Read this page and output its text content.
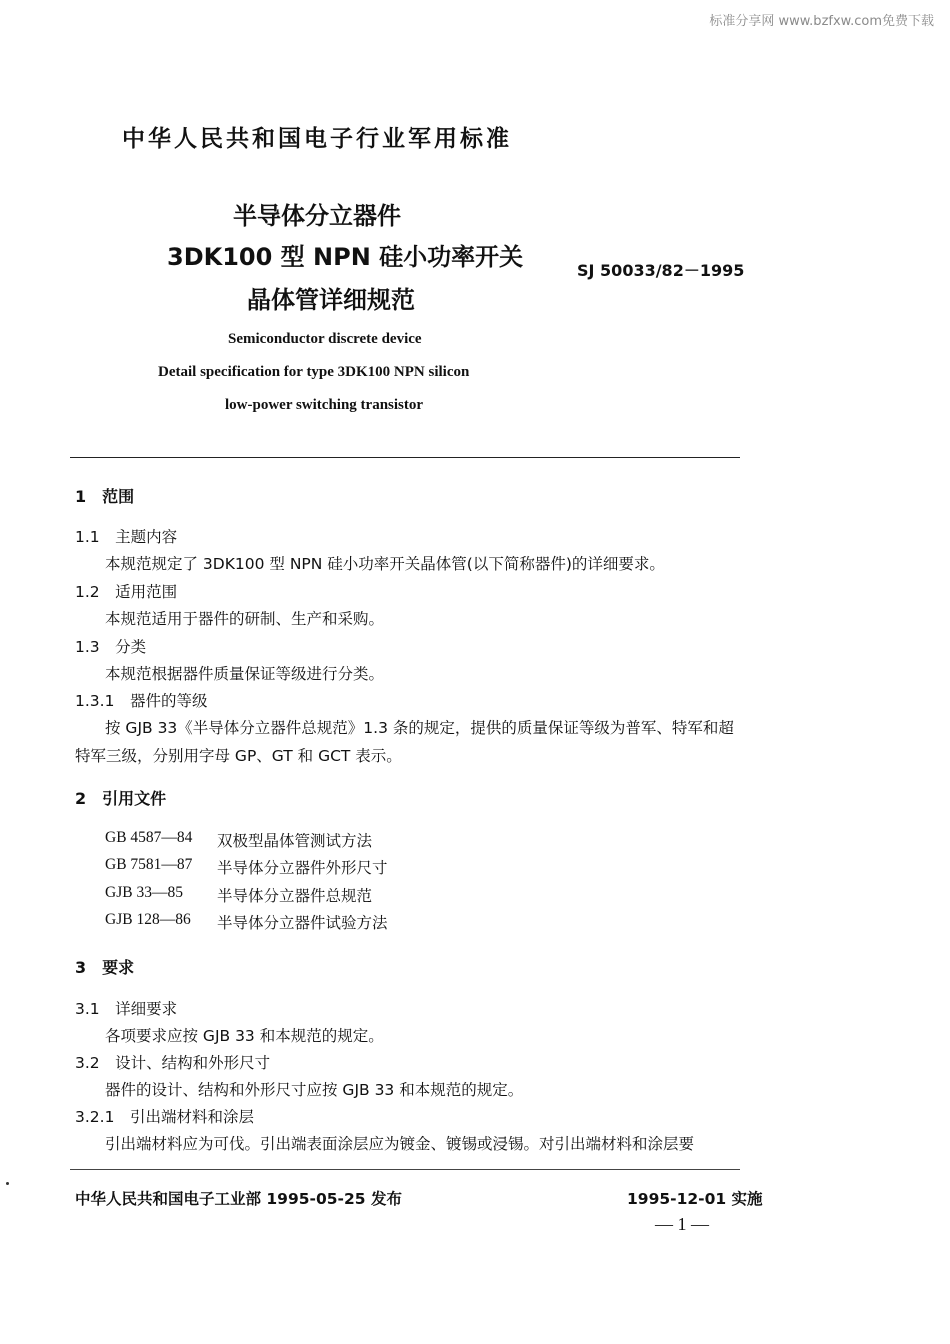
标准分享网 www.bzfxw.com免费下载
中华人民共和国电子行业军用标准
半导体分立器件
3DK100 型 NPN 硅小功率开关
晶体管详细规范
SJ 50033/82－1995
Semiconductor discrete device
Detail specification for type 3DK100 NPN silicon
low-power switching transistor
1　范围
1.1　主题内容
本规范规定了 3DK100 型 NPN 硅小功率开关晶体管(以下简称器件)的详细要求。
1.2　适用范围
本规范适用于器件的研制、生产和采购。
1.3　分类
本规范根据器件质量保证等级进行分类。
1.3.1　器件的等级
按 GJB 33《半导体分立器件总规范》1.3 条的规定，提供的质量保证等级为普军、特军和超
特军三级，分别用字母 GP、GT 和 GCT 表示。
2　引用文件
GB 4587—84 双极型晶体管测试方法
GB 7581—87 半导体分立器件外形尺寸
GJB 33—85 半导体分立器件总规范
GJB 128—86 半导体分立器件试验方法
3　要求
3.1　详细要求
各项要求应按 GJB 33 和本规范的规定。
3.2　设计、结构和外形尺寸
器件的设计、结构和外形尺寸应按 GJB 33 和本规范的规定。
3.2.1　引出端材料和涂层
引出端材料应为可伐。引出端表面涂层应为镀金、镀锡或浸锡。对引出端材料和涂层要
中华人民共和国电子工业部 1995-05-25 发布	1995-12-01 实施
— 1 —
